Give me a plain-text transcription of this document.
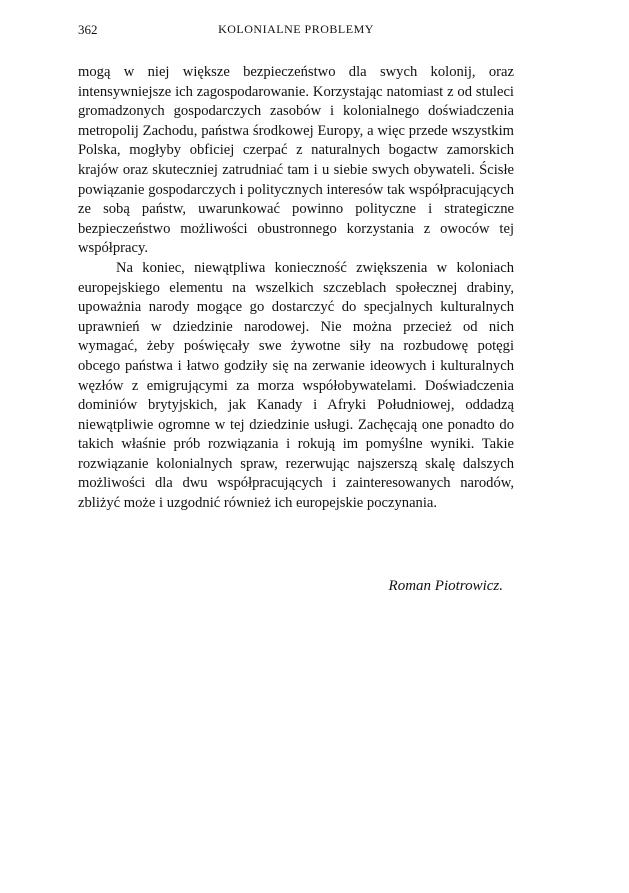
362	KOLONIALNE PROBLEMY

mogą w niej większe bezpieczeństwo dla swych kolonij, oraz intensywniejsze ich zagospodarowanie. Korzystając natomiast z od stuleci gromadzonych gospodarczych zasobów i kolonialnego doświadczenia metropolij Zachodu, państwa środkowej Europy, a więc przede wszystkim Polska, mogłyby obficiej czerpać z naturalnych bogactw zamorskich krajów oraz skuteczniej zatrudniać tam i u siebie swych obywateli. Ścisłe powiązanie gospodarczych i politycznych interesów tak współpracujących ze sobą państw, uwarunkować powinno polityczne i strategiczne bezpieczeństwo możliwości obustronnego korzystania z owoców tej współpracy.

Na koniec, niewątpliwa konieczność zwiększenia w koloniach europejskiego elementu na wszelkich szczeblach społecznej drabiny, upoważnia narody mogące go dostarczyć do specjalnych kulturalnych uprawnień w dziedzinie narodowej. Nie można przecież od nich wymagać, żeby poświęcały swe żywotne siły na rozbudowę potęgi obcego państwa i łatwo godziły się na zerwanie ideowych i kulturalnych węzłów z emigrującymi za morza współobywatelami. Doświadczenia dominiów brytyjskich, jak Kanady i Afryki Południowej, oddadzą niewątpliwie ogromne w tej dziedzinie usługi. Zachęcają one ponadto do takich właśnie prób rozwiązania i rokują im pomyślne wyniki. Takie rozwiązanie kolonialnych spraw, rezerwując najszerszą skalę dalszych możliwości dla dwu współpracujących i zainteresowanych narodów, zbliżyć może i uzgodnić również ich europejskie poczynania.

Roman Piotrowicz.
